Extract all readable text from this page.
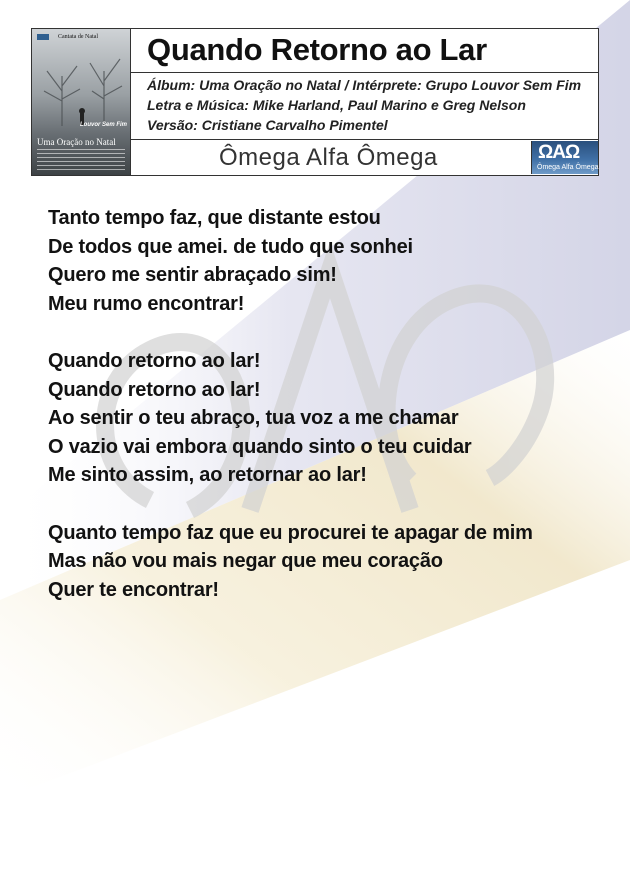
Cantata de Natal
Louvor Sem Fim
Uma Oração no Natal
Quando Retorno ao Lar
Álbum: Uma Oração no Natal / Intérprete: Grupo Louvor Sem Fim
Letra e Música: Mike Harland, Paul Marino e Greg Nelson
Versão: Cristiane Carvalho Pimentel
Ômega Alfa Ômega	ΩAΩ
Ômega Alfa Ômega
Tanto tempo faz, que distante estou
De todos que amei. de tudo que sonhei
Quero me sentir abraçado sim!
Meu rumo encontrar!
Quando retorno ao lar!
Quando retorno ao lar!
Ao sentir o teu abraço, tua voz a me chamar
O vazio vai embora quando sinto o teu cuidar
Me sinto assim, ao retornar ao lar!
Quanto tempo faz que eu procurei te apagar de mim
Mas não vou mais negar que meu coração
Quer te encontrar!
